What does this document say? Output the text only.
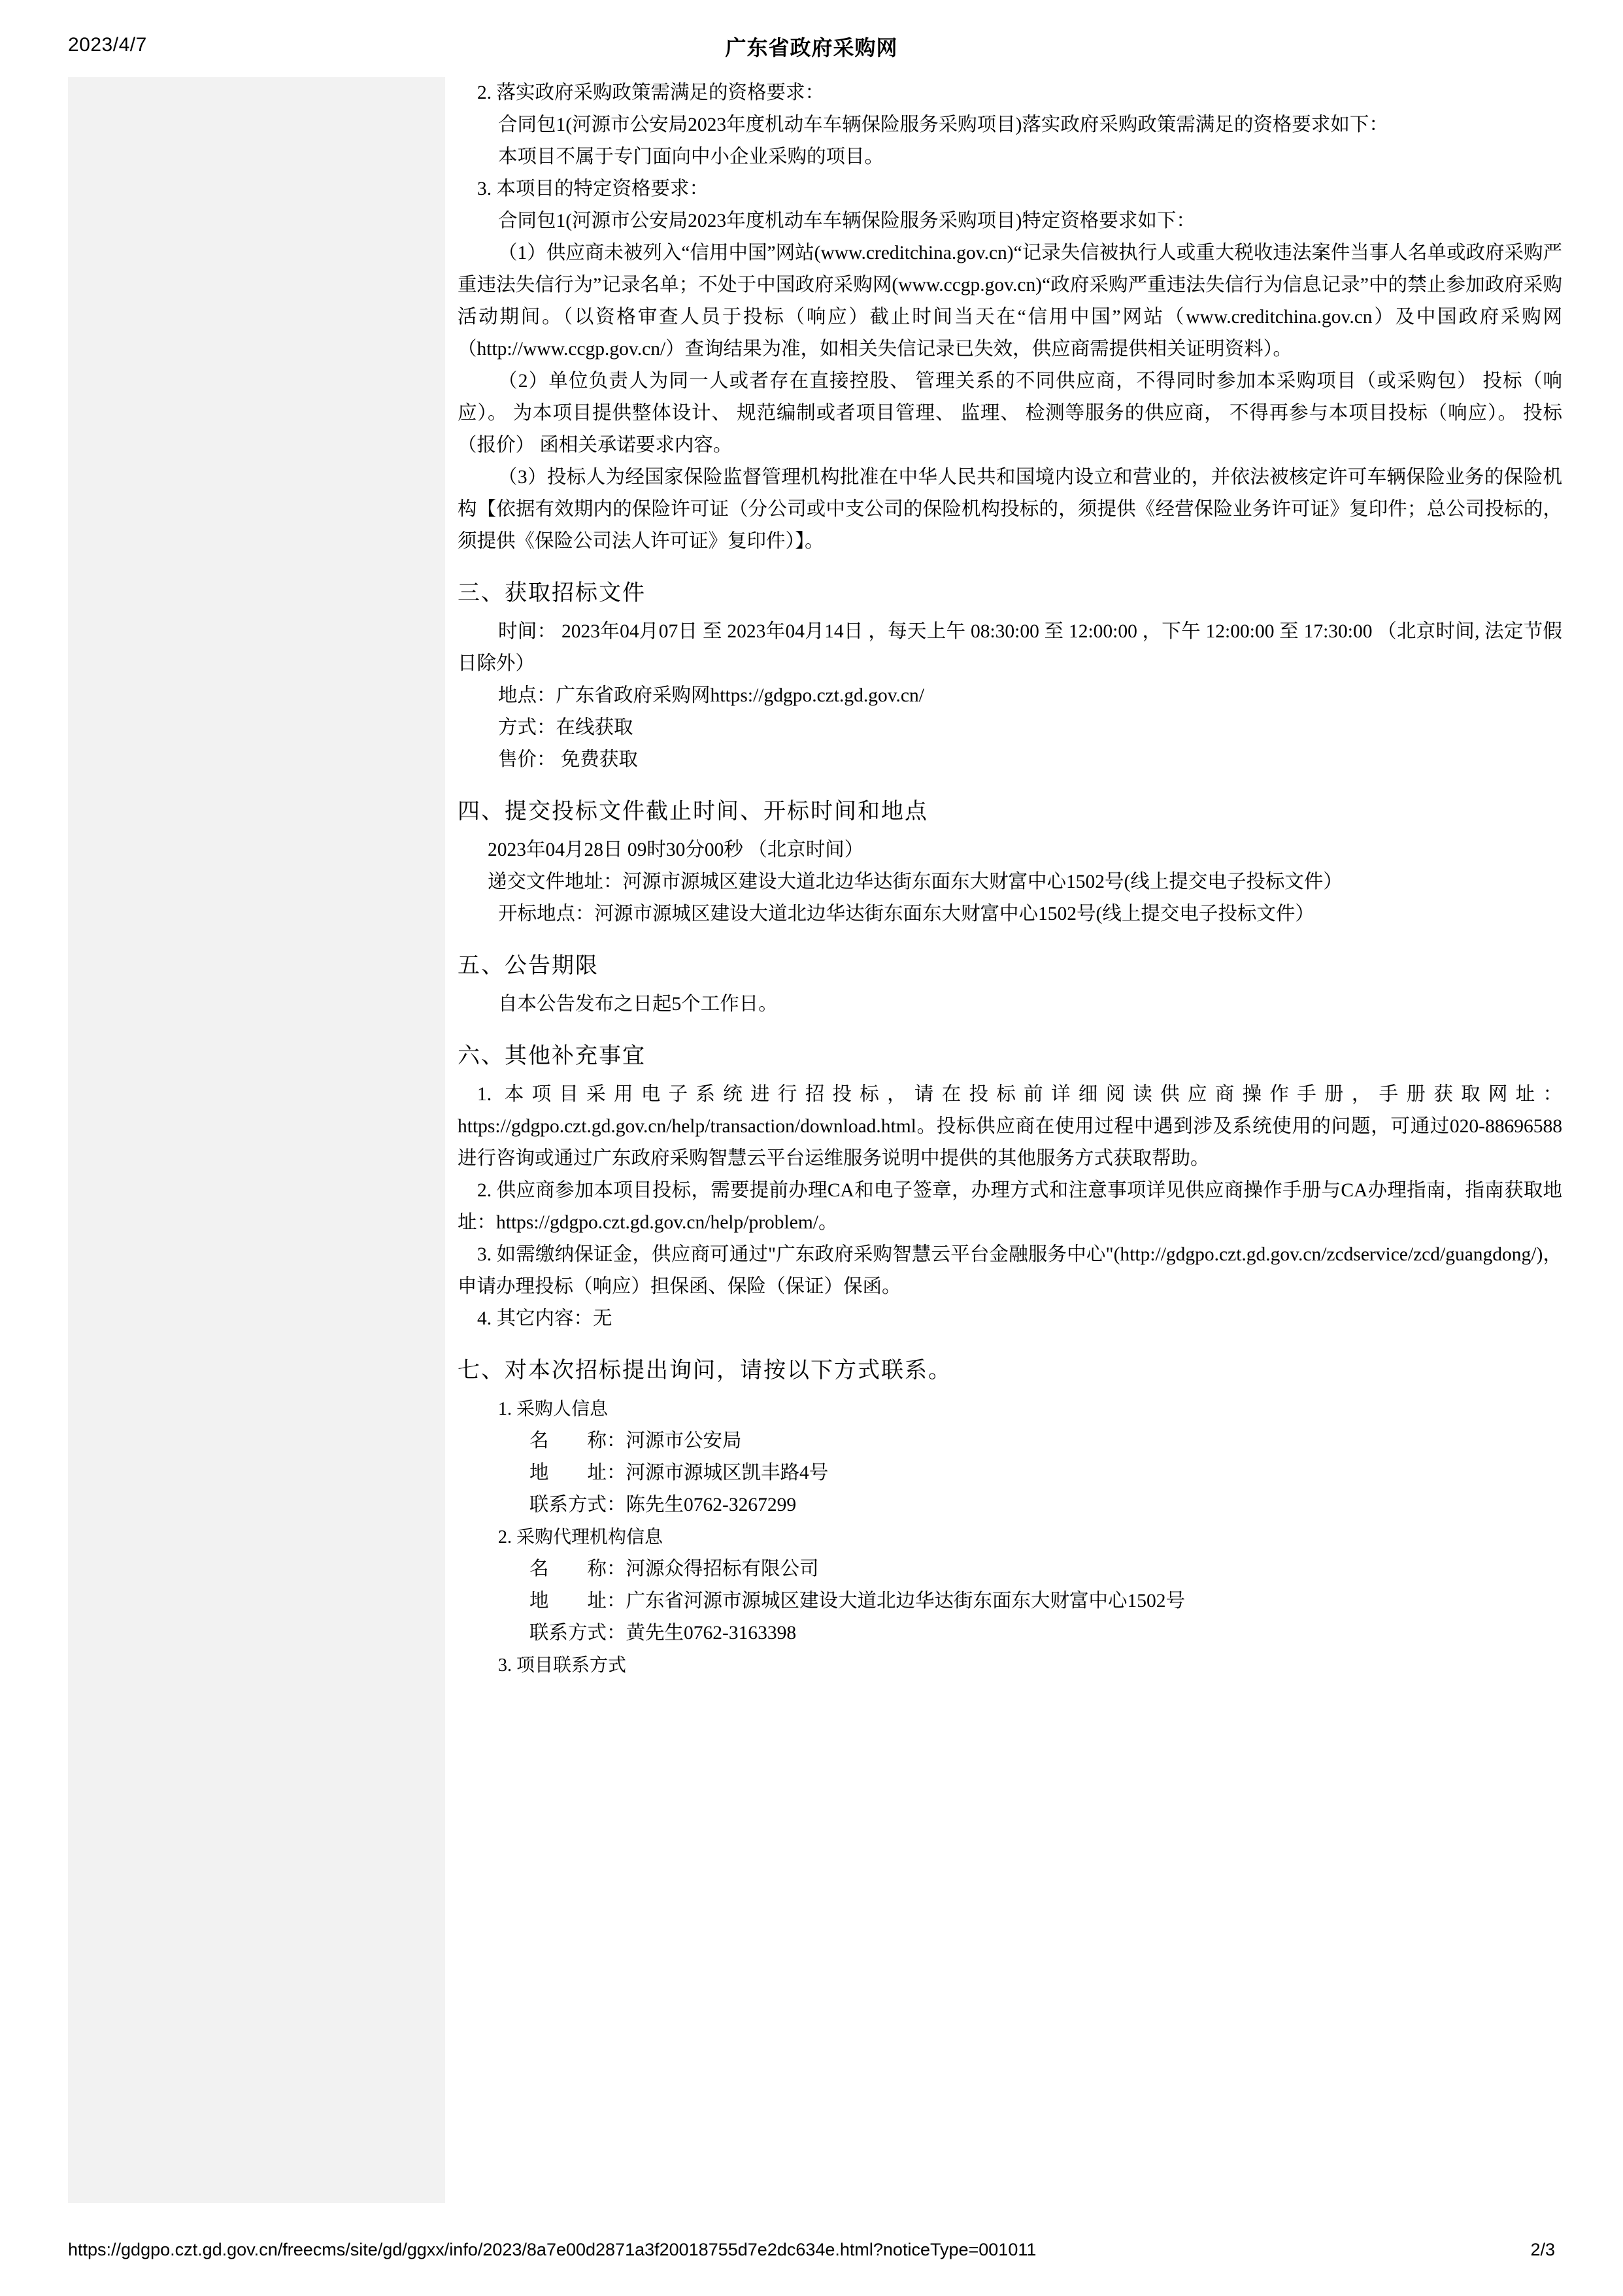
2023/4/7	广东省政府采购网

2. 落实政府采购政策需满足的资格要求：

合同包1(河源市公安局2023年度机动车车辆保险服务采购项目)落实政府采购政策需满足的资格要求如下：

本项目不属于专门面向中小企业采购的项目。

3. 本项目的特定资格要求：

合同包1(河源市公安局2023年度机动车车辆保险服务采购项目)特定资格要求如下：

（1）供应商未被列入“信用中国”网站(www.creditchina.gov.cn)“记录失信被执行人或重大税收违法案件当事人名单或政府采购严重违法失信行为”记录名单；不处于中国政府采购网(www.ccgp.gov.cn)“政府采购严重违法失信行为信息记录”中的禁止参加政府采购活动期间。（以资格审查人员于投标（响应）截止时间当天在“信用中国”网站（www.creditchina.gov.cn）及中国政府采购网（http://www.ccgp.gov.cn/）查询结果为准，如相关失信记录已失效，供应商需提供相关证明资料）。

（2）单位负责人为同一人或者存在直接控股、 管理关系的不同供应商，不得同时参加本采购项目（或采购包） 投标（响应）。 为本项目提供整体设计、 规范编制或者项目管理、 监理、 检测等服务的供应商， 不得再参与本项目投标（响应）。 投标（报价） 函相关承诺要求内容。

（3）投标人为经国家保险监督管理机构批准在中华人民共和国境内设立和营业的，并依法被核定许可车辆保险业务的保险机构【依据有效期内的保险许可证（分公司或中支公司的保险机构投标的，须提供《经营保险业务许可证》复印件；总公司投标的，须提供《保险公司法人许可证》复印件）】。

三、获取招标文件

时间： 2023年04月07日 至 2023年04月14日 ，每天上午 08:30:00 至 12:00:00 ，下午 12:00:00 至 17:30:00 （北京时间, 法定节假日除外）

地点：广东省政府采购网https://gdgpo.czt.gd.gov.cn/

方式：在线获取

售价： 免费获取

四、提交投标文件截止时间、开标时间和地点

2023年04月28日 09时30分00秒 （北京时间）

递交文件地址：河源市源城区建设大道北边华达街东面东大财富中心1502号(线上提交电子投标文件）

开标地点：河源市源城区建设大道北边华达街东面东大财富中心1502号(线上提交电子投标文件）

五、公告期限

自本公告发布之日起5个工作日。

六、其他补充事宜

1. 本项目采用电子系统进行招投标，请在投标前详细阅读供应商操作手册，手册获取网址：https://gdgpo.czt.gd.gov.cn/help/transaction/download.html。投标供应商在使用过程中遇到涉及系统使用的问题，可通过020-88696588 进行咨询或通过广东政府采购智慧云平台运维服务说明中提供的其他服务方式获取帮助。

2. 供应商参加本项目投标，需要提前办理CA和电子签章，办理方式和注意事项详见供应商操作手册与CA办理指南，指南获取地址：https://gdgpo.czt.gd.gov.cn/help/problem/。

3. 如需缴纳保证金，供应商可通过"广东政府采购智慧云平台金融服务中心"(http://gdgpo.czt.gd.gov.cn/zcdservice/zcd/guangdong/)，申请办理投标（响应）担保函、保险（保证）保函。

4. 其它内容：无

七、对本次招标提出询问，请按以下方式联系。

1. 采购人信息

名　　称：河源市公安局

地　　址：河源市源城区凯丰路4号

联系方式：陈先生0762-3267299

2. 采购代理机构信息

名　　称：河源众得招标有限公司

地　　址：广东省河源市源城区建设大道北边华达街东面东大财富中心1502号

联系方式：黄先生0762-3163398

3. 项目联系方式

https://gdgpo.czt.gd.gov.cn/freecms/site/gd/ggxx/info/2023/8a7e00d2871a3f20018755d7e2dc634e.html?noticeType=001011	2/3
